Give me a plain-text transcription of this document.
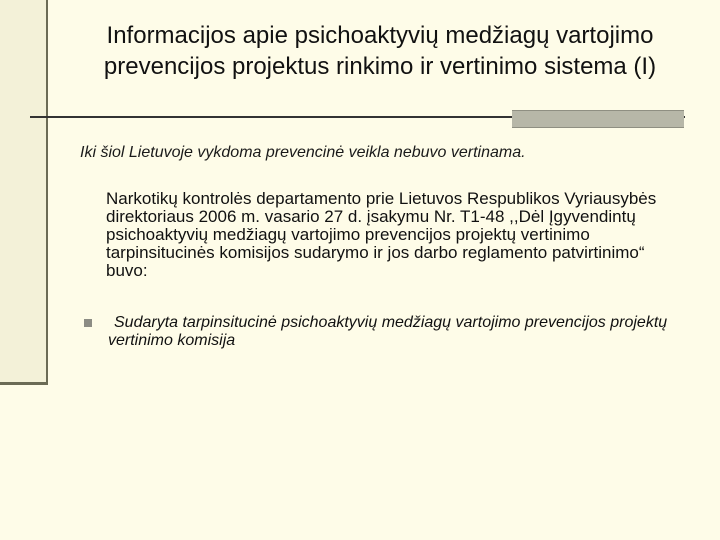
Informacijos apie psichoaktyvių medžiagų vartojimo prevencijos projektus rinkimo ir vertinimo sistema (I)
Iki šiol Lietuvoje vykdoma prevencinė veikla nebuvo vertinama.
Narkotikų kontrolės departamento prie Lietuvos Respublikos Vyriausybės direktoriaus 2006 m. vasario 27 d. įsakymu Nr. T1-48 ,,Dėl Įgyvendintų psichoaktyvių medžiagų vartojimo prevencijos projektų vertinimo tarpinsitucinės komisijos sudarymo ir jos darbo reglamento patvirtinimo“ buvo:
Sudaryta tarpinsitucinė psichoaktyvių medžiagų vartojimo prevencijos projektų vertinimo komisija
